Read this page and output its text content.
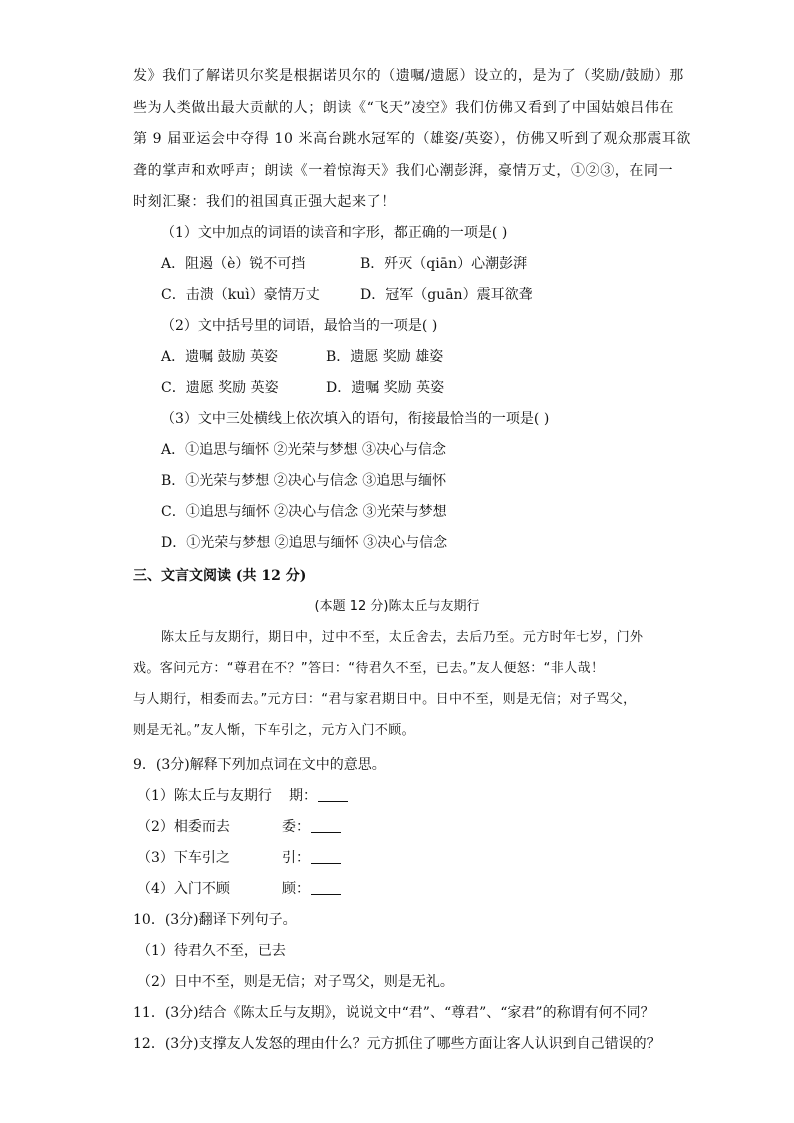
发》我们了解诺贝尔奖是根据诺贝尔的（遗嘱/遗愿）设立的，是为了（奖励/鼓励）那
些为人类做出最大贡献的人；朗读《“飞天”凌空》我们仿佛又看到了中国姑娘吕伟在
第 9 届亚运会中夺得 10 米高台跳水冠军的（雄姿/英姿），仿佛又听到了观众那震耳欲
聋的掌声和欢呼声；朗读《一着惊海天》我们心潮彭湃，豪情万丈，①②③，在同一
时刻汇聚：我们的祖国真正强大起来了！
（1）文中加点的词语的读音和字形，都正确的一项是( )
A．阻遏（è）锐不可挡	B．歼灭（qiān）心潮彭湃
C．击溃（kuì）豪情万丈	D．冠军（guān）震耳欲聋
（2）文中括号里的词语，最恰当的一项是( )
A．遗嘱 鼓励 英姿	B．遗愿 奖励 雄姿
C．遗愿 奖励 英姿	D．遗嘱 奖励 英姿
（3）文中三处横线上依次填入的语句，衔接最恰当的一项是( )
A．①追思与缅怀 ②光荣与梦想 ③决心与信念
B．①光荣与梦想 ②决心与信念 ③追思与缅怀
C．①追思与缅怀 ②决心与信念 ③光荣与梦想
D．①光荣与梦想 ②追思与缅怀 ③决心与信念
三、文言文阅读 (共 12 分)
(本题 12 分)陈太丘与友期行
陈太丘与友期行，期日中，过中不至，太丘舍去，去后乃至。元方时年七岁，门外
戏。客问元方：“尊君在不？”答曰：“待君久不至，已去。”友人便怒：“非人哉！
与人期行，相委而去。”元方曰：“君与家君期日中。日中不至，则是无信；对子骂父，
则是无礼。”友人惭，下车引之，元方入门不顾。
9．(3分)解释下列加点词在文中的意思。
（1）陈太丘与友期行 期：
（2）相委而去	委：
（3）下车引之	引：
（4）入门不顾	顾：
10．(3分)翻译下列句子。
（1）待君久不至，已去
（2）日中不至，则是无信；对子骂父，则是无礼。
11．(3分)结合《陈太丘与友期》，说说文中“君”、“尊君”、“家君”的称谓有何不同？
12．(3分)支撑友人发怒的理由什么？元方抓住了哪些方面让客人认识到自己错误的？
